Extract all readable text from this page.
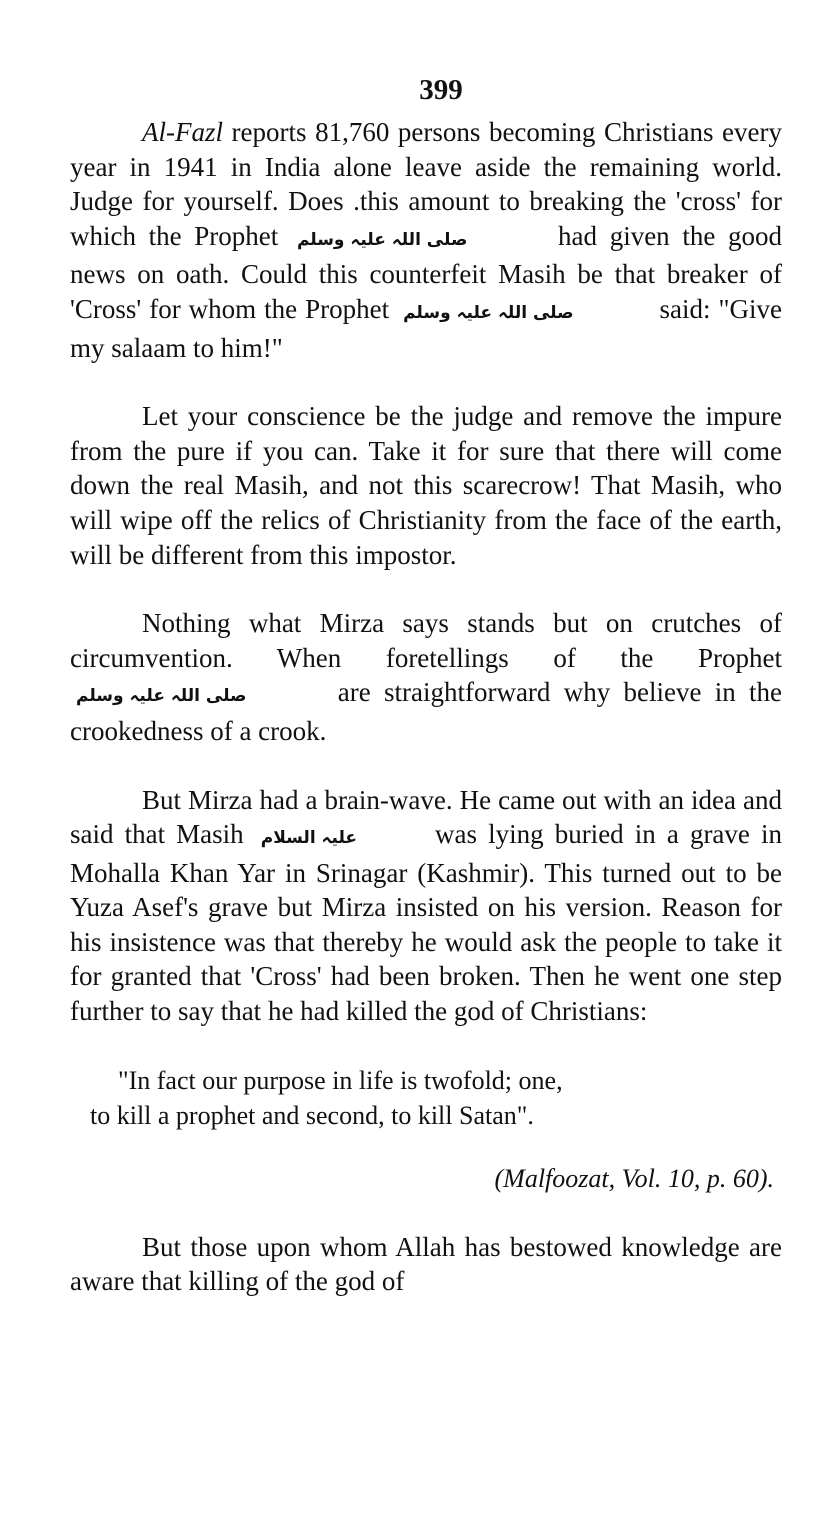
399

Al-Fazl reports 81,760 persons becoming Christians every year in 1941 in India alone leave aside the remaining world. Judge for yourself. Does .this amount to breaking the 'cross' for which the Prophet صلی اللہ علیہ وسلم	had given the good news on oath. Could this counterfeit Masih be that breaker of 'Cross' for whom the Prophet صلی اللہ علیہ وسلم	said: "Give my salaam to him!"

Let your conscience be the judge and remove the impure from the pure if you can. Take it for sure that there will come down the real Masih, and not this scarecrow! That Masih, who will wipe off the relics of Christianity from the face of the earth, will be different from this impostor.

Nothing what Mirza says stands but on crutches of circumvention. When foretellings of the Prophet صلی اللہ علیہ وسلم	are straightforward why believe in the crookedness of a crook.

But Mirza had a brain-wave. He came out with an idea and said that Masih علیہ السلام	was lying buried in a grave in Mohalla Khan Yar in Srinagar (Kashmir). This turned out to be Yuza Asef's grave but Mirza insisted on his version. Reason for his insistence was that thereby he would ask the people to take it for granted that 'Cross' had been broken. Then he went one step further to say that he had killed the god of Christians:

"In fact our purpose in life is twofold; one,
to kill a prophet and second, to kill Satan".

(Malfoozat, Vol. 10, p. 60).

But those upon whom Allah has bestowed knowledge are aware that killing of the god of
